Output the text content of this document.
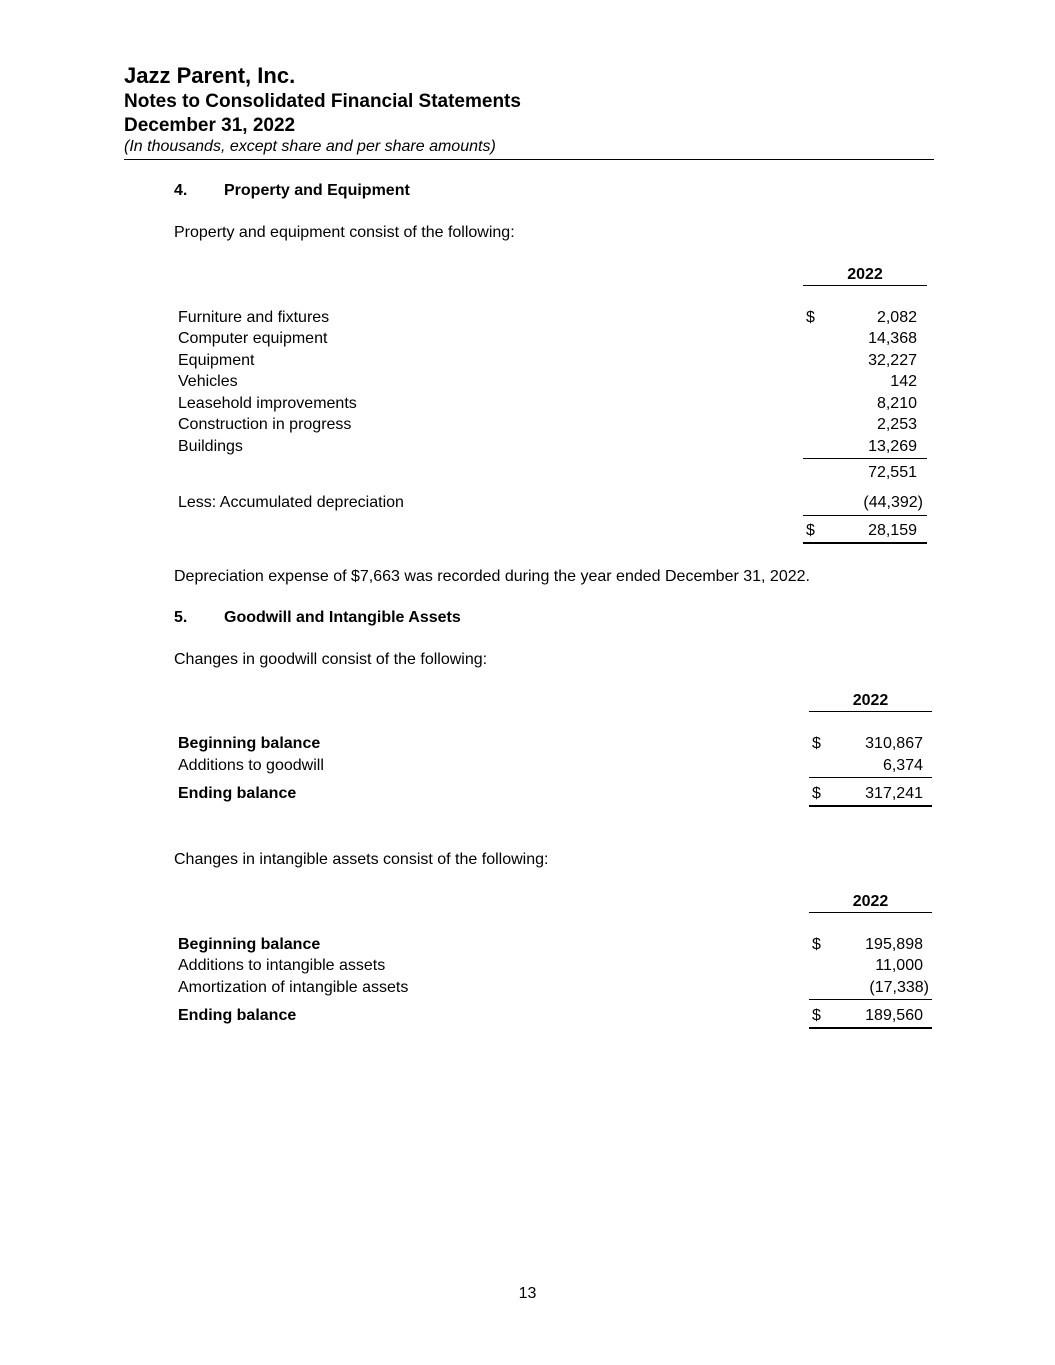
Jazz Parent, Inc.
Notes to Consolidated Financial Statements
December 31, 2022
(In thousands, except share and per share amounts)
4. Property and Equipment
Property and equipment consist of the following:
2022
Furniture and fixtures	$	2,082
Computer equipment	14,368
Equipment	32,227
Vehicles	142
Leasehold improvements	8,210
Construction in progress	2,253
Buildings	13,269
72,551
Less: Accumulated depreciation	(44,392)
$	28,159
Depreciation expense of $7,663 was recorded during the year ended December 31, 2022.
5. Goodwill and Intangible Assets
Changes in goodwill consist of the following:
2022
Beginning balance	$	310,867
Additions to goodwill	6,374
Ending balance	$	317,241
Changes in intangible assets consist of the following:
2022
Beginning balance	$	195,898
Additions to intangible assets	11,000
Amortization of intangible assets	(17,338)
Ending balance	$	189,560
13
